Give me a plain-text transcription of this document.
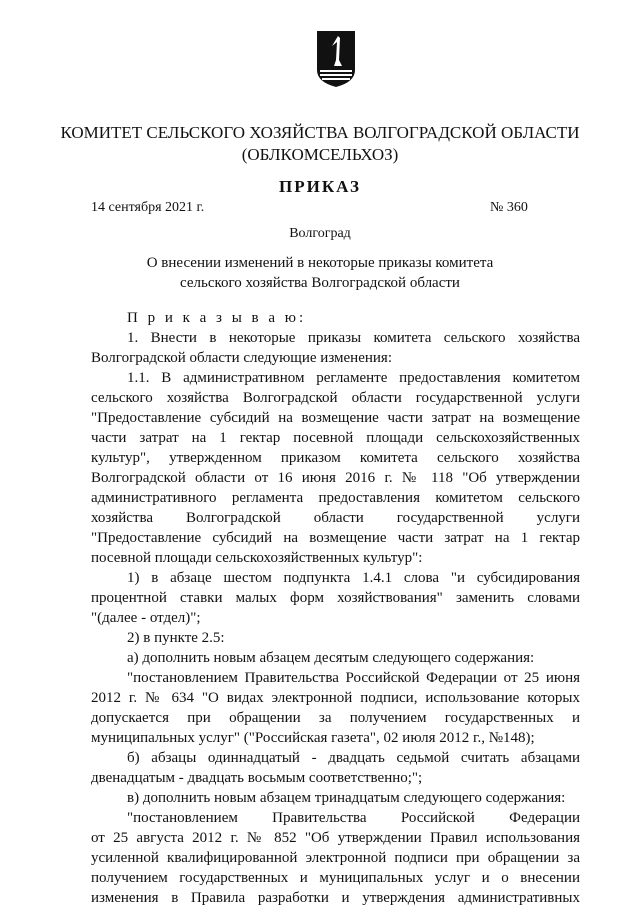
КОМИТЕТ СЕЛЬСКОГО ХОЗЯЙСТВА ВОЛГОГРАДСКОЙ ОБЛАСТИ
(ОБЛКОМСЕЛЬХОЗ)
ПРИКАЗ
14 сентября 2021 г.	№ 360
Волгоград
О внесении изменений в некоторые приказы комитета
сельского хозяйства Волгоградской области
П р и к а з ы в а ю:
1. Внести в некоторые приказы комитета сельского хозяйства
Волгоградской области следующие изменения:
1.1. В административном регламенте предоставления комитетом
сельского хозяйства Волгоградской области государственной услуги
"Предоставление субсидий на возмещение части затрат на возмещение
части затрат на 1 гектар посевной площади сельскохозяйственных
культур", утвержденном приказом комитета сельского хозяйства
Волгоградской области от 16 июня 2016 г. № 118 "Об утверждении
административного регламента предоставления комитетом сельского
хозяйства Волгоградской области государственной услуги
"Предоставление субсидий на возмещение части затрат на 1 гектар
посевной площади сельскохозяйственных культур":
1) в абзаце шестом подпункта 1.4.1 слова "и субсидирования
процентной ставки малых форм хозяйствования" заменить словами
"(далее - отдел)";
2) в пункте 2.5:
а) дополнить новым абзацем десятым следующего содержания:
"постановлением Правительства Российской Федерации от 25 июня
2012 г. № 634 "О видах электронной подписи, использование которых
допускается при обращении за получением государственных и
муниципальных услуг" ("Российская газета", 02 июля 2012 г., №148);
б) абзацы одиннадцатый - двадцать седьмой считать абзацами
двенадцатым - двадцать восьмым соответственно;";
в) дополнить новым абзацем тринадцатым следующего содержания:
"постановлением Правительства Российской Федерации
от 25 августа 2012 г. № 852 "Об утверждении Правил использования
усиленной квалифицированной электронной подписи при обращении за
получением государственных и муниципальных услуг и о внесении
изменения в Правила разработки и утверждения административных
